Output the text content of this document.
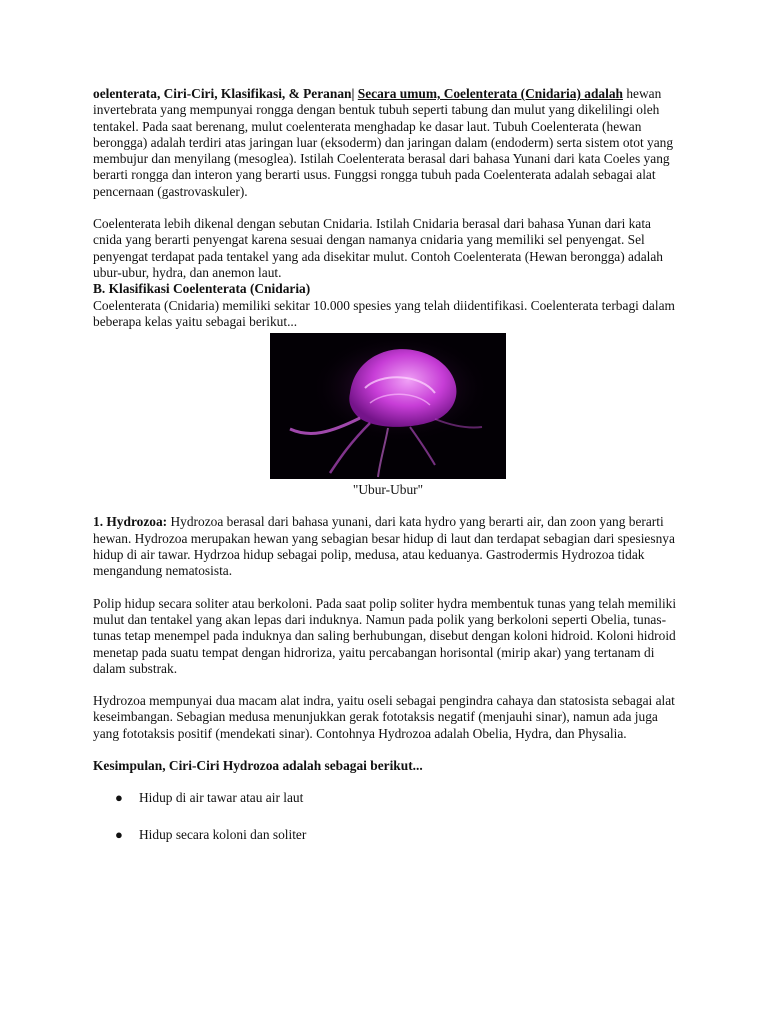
oelenterata, Ciri-Ciri, Klasifikasi, & Peranan| Secara umum, Coelenterata (Cnidaria) adalah hewan invertebrata yang mempunyai rongga dengan bentuk tubuh seperti tabung dan mulut yang dikelilingi oleh tentakel. Pada saat berenang, mulut coelenterata menghadap ke dasar laut. Tubuh Coelenterata (hewan berongga) adalah terdiri atas jaringan luar (eksoderm) dan jaringan dalam (endoderm) serta sistem otot yang membujur dan menyilang (mesoglea). Istilah Coelenterata berasal dari bahasa Yunani dari kata Coeles yang berarti rongga dan interon yang berarti usus. Funggsi rongga tubuh pada Coelenterata adalah sebagai alat pencernaan (gastrovaskuler).

Coelenterata lebih dikenal dengan sebutan Cnidaria. Istilah Cnidaria berasal dari bahasa Yunan dari kata cnida yang berarti penyengat karena sesuai dengan namanya cnidaria yang memiliki sel penyengat. Sel penyengat terdapat pada tentakel yang ada disekitar mulut. Contoh Coelenterata (Hewan berongga) adalah ubur-ubur, hydra, dan anemon laut.

B. Klasifikasi Coelenterata (Cnidaria)

Coelenterata (Cnidaria) memiliki sekitar 10.000 spesies yang telah diidentifikasi. Coelenterata terbagi dalam beberapa kelas yaitu sebagai berikut...

"Ubur-Ubur"

1. Hydrozoa: Hydrozoa berasal dari bahasa yunani, dari kata hydro yang berarti air, dan zoon yang berarti hewan. Hydrozoa merupakan hewan yang sebagian besar hidup di laut dan terdapat sebagian dari spesiesnya hidup di air tawar. Hydrzoa hidup sebagai polip, medusa, atau keduanya. Gastrodermis Hydrozoa tidak mengandung nematosista.

Polip hidup secara soliter atau berkoloni. Pada saat polip soliter hydra membentuk tunas yang telah memiliki mulut dan tentakel yang akan lepas dari induknya. Namun pada polik yang berkoloni seperti Obelia, tunas-tunas tetap menempel pada induknya dan saling berhubungan, disebut dengan koloni hidroid. Koloni hidroid menetap pada suatu tempat dengan hidroriza, yaitu percabangan horisontal (mirip akar) yang tertanam di dalam substrak.

Hydrozoa mempunyai dua macam alat indra, yaitu oseli sebagai pengindra cahaya dan statosista sebagai alat keseimbangan. Sebagian medusa menunjukkan gerak fototaksis negatif (menjauhi sinar), namun ada juga yang fototaksis positif (mendekati sinar). Contohnya Hydrozoa adalah Obelia, Hydra, dan Physalia.

Kesimpulan, Ciri-Ciri Hydrozoa adalah sebagai berikut...

● Hidup di air tawar atau air laut
● Hidup secara koloni dan soliter
